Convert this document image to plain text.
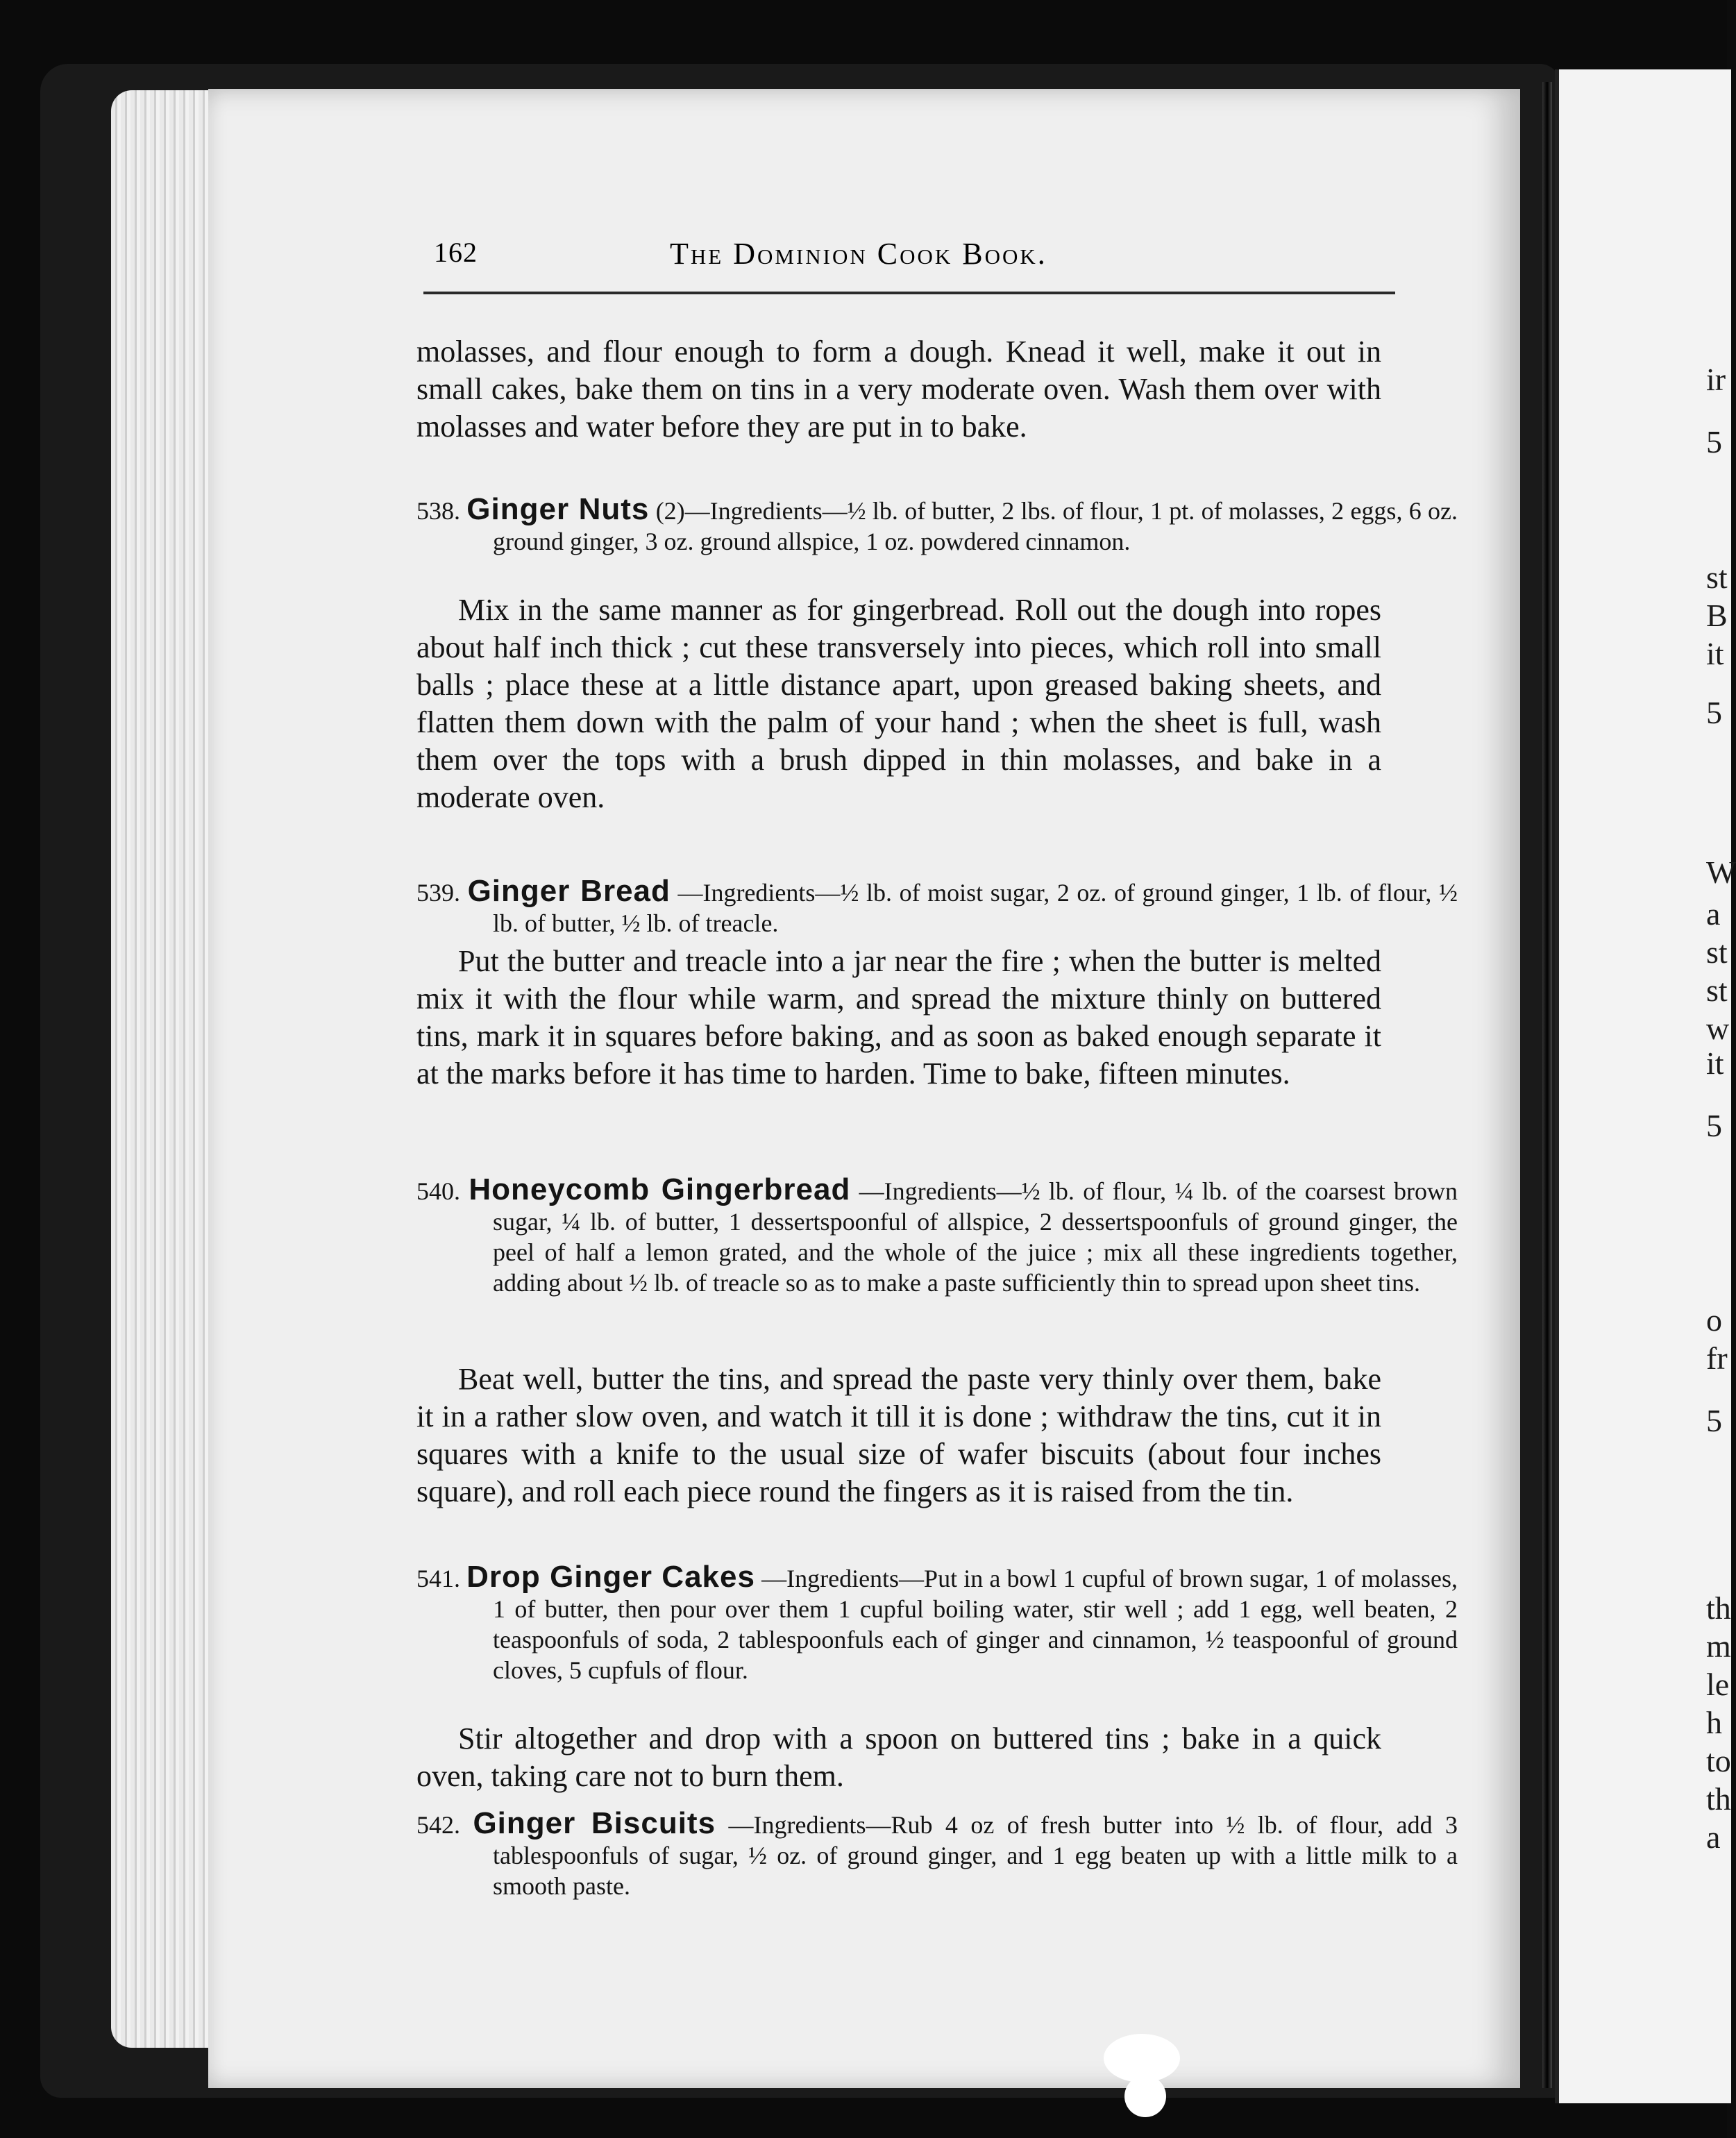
ir
5
st
B
it
5
W
a
st
st
w
it
5
o
fr
5
th
m
le
h
to
th
a
162	The Dominion Cook Book.
molasses, and flour enough to form a dough. Knead it well, make it out in small cakes, bake them on tins in a very moderate oven. Wash them over with molasses and water before they are put in to bake.
538. Ginger Nuts (2)—Ingredients—½ lb. of butter, 2 lbs. of flour, 1 pt. of molasses, 2 eggs, 6 oz. ground ginger, 3 oz. ground allspice, 1 oz. powdered cinnamon.
Mix in the same manner as for gingerbread. Roll out the dough into ropes about half inch thick ; cut these transversely into pieces, which roll into small balls ; place these at a little distance apart, upon greased baking sheets, and flatten them down with the palm of your hand ; when the sheet is full, wash them over the tops with a brush dipped in thin molasses, and bake in a moderate oven.
539. Ginger Bread —Ingredients—½ lb. of moist sugar, 2 oz. of ground ginger, 1 lb. of flour, ½ lb. of butter, ½ lb. of treacle.
Put the butter and treacle into a jar near the fire ; when the butter is melted mix it with the flour while warm, and spread the mixture thinly on buttered tins, mark it in squares before baking, and as soon as baked enough separate it at the marks before it has time to harden. Time to bake, fifteen minutes.
540. Honeycomb Gingerbread —Ingredients—½ lb. of flour, ¼ lb. of the coarsest brown sugar, ¼ lb. of butter, 1 dessertspoonful of allspice, 2 dessertspoonfuls of ground ginger, the peel of half a lemon grated, and the whole of the juice ; mix all these ingredients together, adding about ½ lb. of treacle so as to make a paste sufficiently thin to spread upon sheet tins.
Beat well, butter the tins, and spread the paste very thinly over them, bake it in a rather slow oven, and watch it till it is done ; withdraw the tins, cut it in squares with a knife to the usual size of wafer biscuits (about four inches square), and roll each piece round the fingers as it is raised from the tin.
541. Drop Ginger Cakes —Ingredients—Put in a bowl 1 cupful of brown sugar, 1 of molasses, 1 of butter, then pour over them 1 cupful boiling water, stir well ; add 1 egg, well beaten, 2 teaspoonfuls of soda, 2 tablespoonfuls each of ginger and cinnamon, ½ teaspoonful of ground cloves, 5 cupfuls of flour.
Stir altogether and drop with a spoon on buttered tins ; bake in a quick oven, taking care not to burn them.
542. Ginger Biscuits —Ingredients—Rub 4 oz of fresh butter into ½ lb. of flour, add 3 tablespoonfuls of sugar, ½ oz. of ground ginger, and 1 egg beaten up with a little milk to a smooth paste.
